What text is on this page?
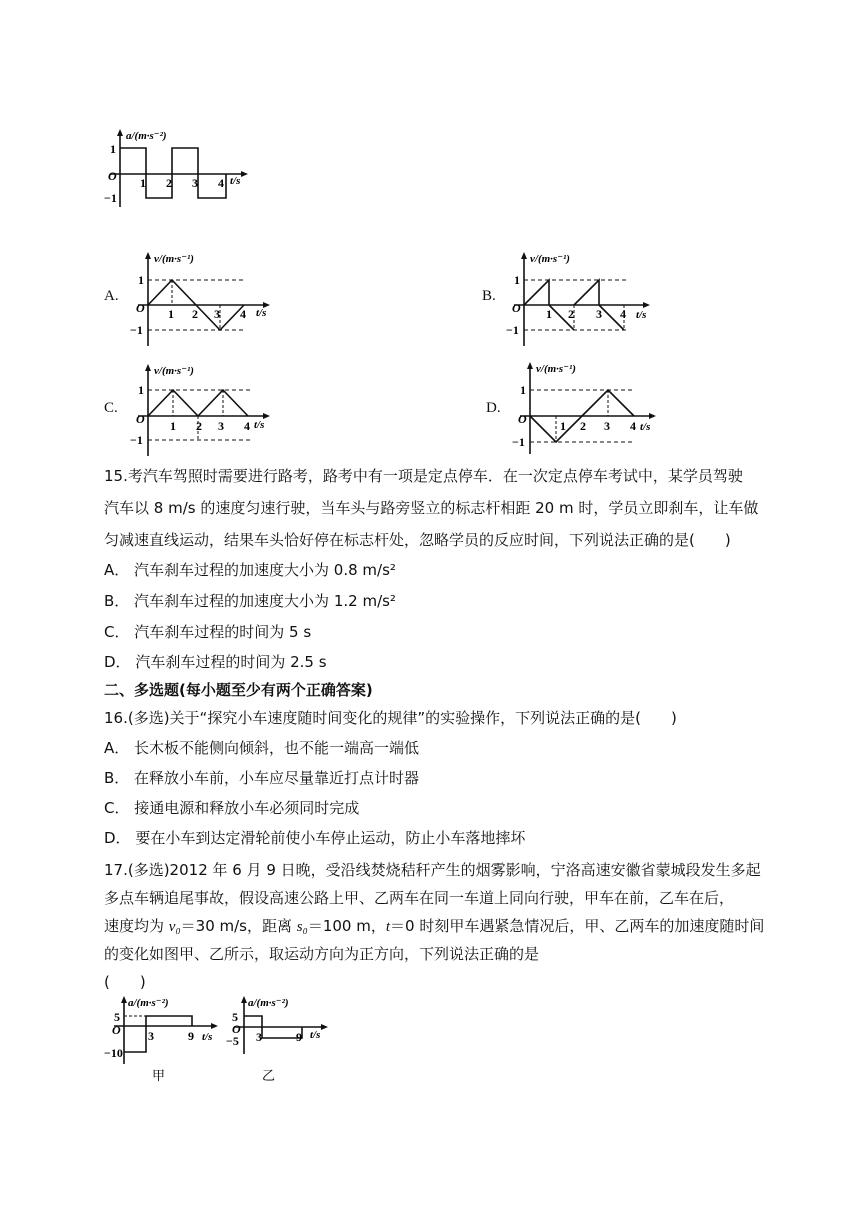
a/(m·s⁻²)
t/s
O
1
−1
1 2 3 4
A.
v/(m·s⁻¹)
t/s
O
1
−1
1 2 3 4
B.
v/(m·s⁻¹)
t/s
O
1
−1
1 2 3 4
C.
v/(m·s⁻¹)
t/s
O
1
−1
1 2 3 4
D.
v/(m·s⁻¹)
t/s
O
1
−1
1 2 3 4
15.考汽车驾照时需要进行路考，路考中有一项是定点停车．在一次定点停车考试中，某学员驾驶
汽车以 8 m/s 的速度匀速行驶，当车头与路旁竖立的标志杆相距 20 m 时，学员立即刹车，让车做
匀减速直线运动，结果车头恰好停在标志杆处，忽略学员的反应时间，下列说法正确的是(　　)
A． 汽车刹车过程的加速度大小为 0.8 m/s²
B． 汽车刹车过程的加速度大小为 1.2 m/s²
C． 汽车刹车过程的时间为 5 s
D． 汽车刹车过程的时间为 2.5 s
二、多选题(每小题至少有两个正确答案)
16.(多选)关于“探究小车速度随时间变化的规律”的实验操作，下列说法正确的是(　　)
A． 长木板不能侧向倾斜，也不能一端高一端低
B． 在释放小车前，小车应尽量靠近打点计时器
C． 接通电源和释放小车必须同时完成
D． 要在小车到达定滑轮前使小车停止运动，防止小车落地摔坏
17.(多选)2012 年 6 月 9 日晚，受沿线焚烧秸秆产生的烟雾影响，宁洛高速安徽省蒙城段发生多起
多点车辆追尾事故，假设高速公路上甲、乙两车在同一车道上同向行驶，甲车在前，乙车在后，
速度均为 v₀＝30 m/s，距离 s₀＝100 m，t＝0 时刻甲车遇紧急情况后，甲、乙两车的加速度随时间
的变化如图甲、乙所示，取运动方向为正方向，下列说法正确的是
(　　)
a/(m·s⁻²)
t/s
O
5
−10
3	9
甲
a/(m·s⁻²)
t/s
O
5
−5 3	9
乙
